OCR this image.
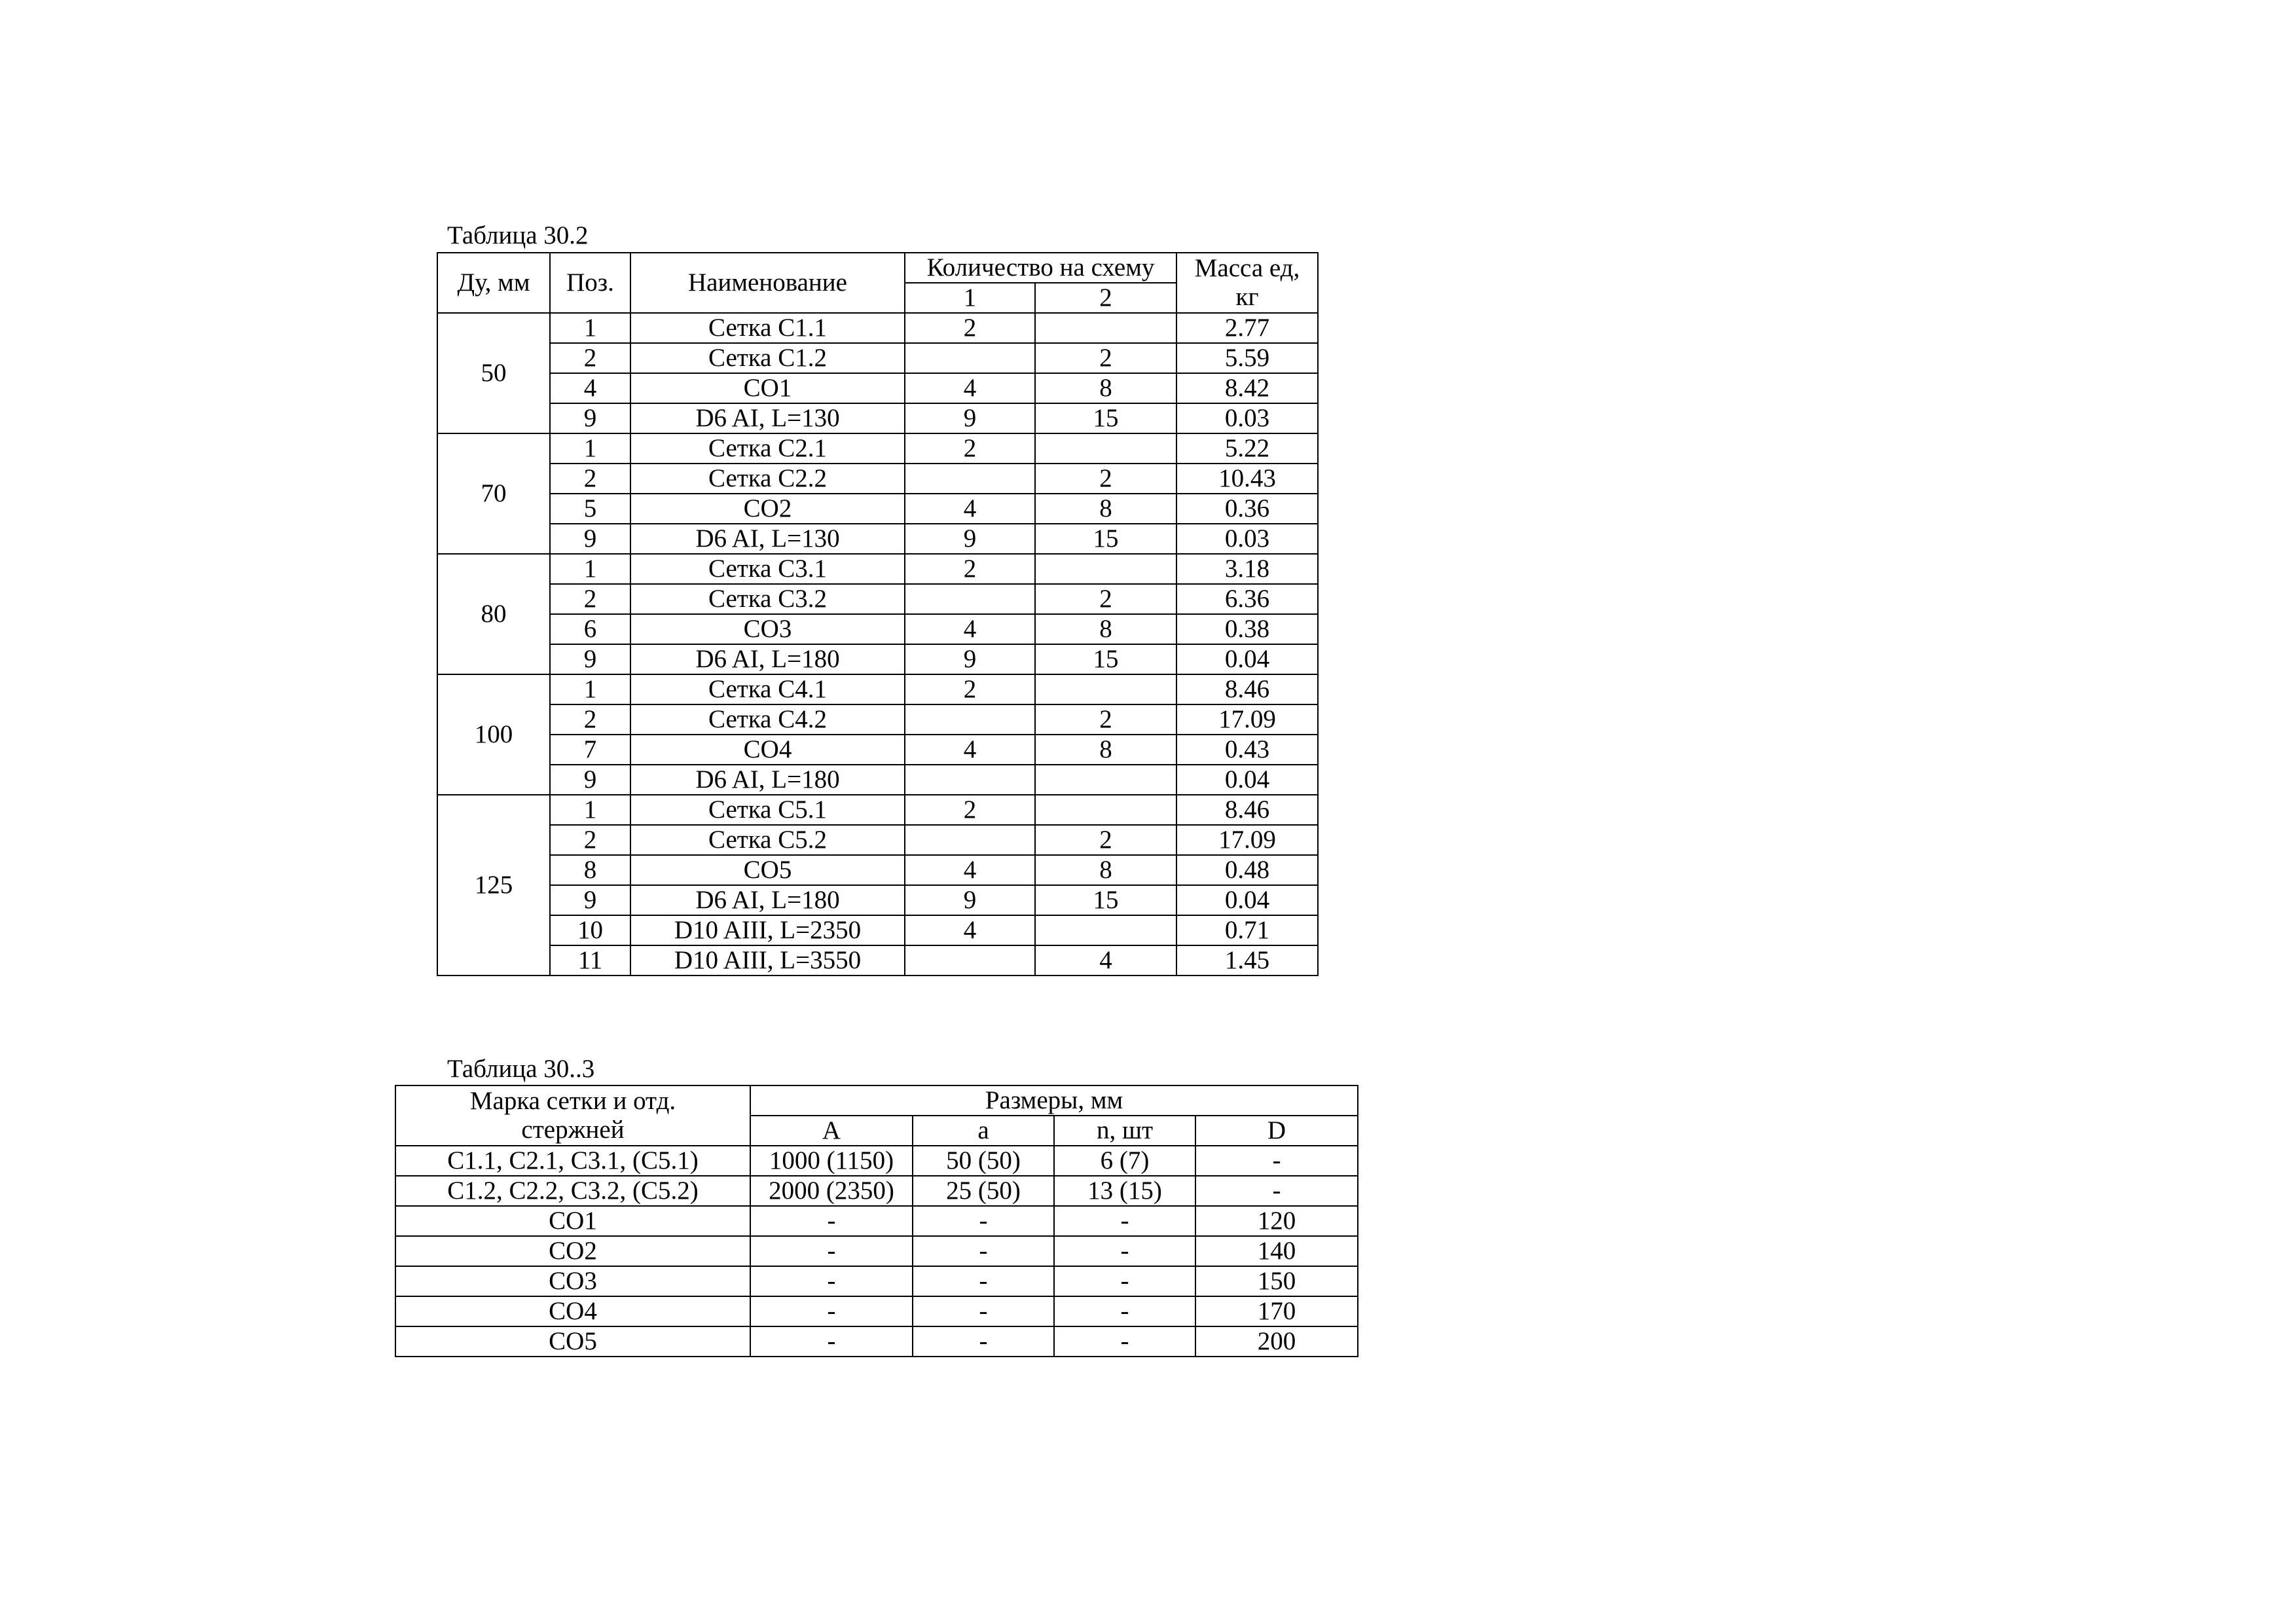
Таблица 30.2
Ду, мм	Поз.	Наименование	Количество на схему		Масса ед,
кг

			1	2	
50	1	Сетка С1.1	2		2.77
	2	Сетка С1.2		2	5.59
	4	СО1	4	8	8.42
	9	D6 AI, L=130	9	15	0.03
70	1	Сетка С2.1	2		5.22
	2	Сетка С2.2		2	10.43
	5	СО2	4	8	0.36
	9	D6 AI, L=130	9	15	0.03
80	1	Сетка С3.1	2		3.18
	2	Сетка С3.2		2	6.36
	6	СО3	4	8	0.38
	9	D6 AI, L=180	9	15	0.04
100	1	Сетка С4.1	2		8.46
	2	Сетка С4.2		2	17.09
	7	СО4	4	8	0.43
	9	D6 AI, L=180			0.04
125	1	Сетка С5.1	2		8.46
	2	Сетка С5.2		2	17.09
	8	СО5	4	8	0.48
	9	D6 AI, L=180	9	15	0.04
	10	D10 AIII, L=2350	4		0.71
	11	D10 AIII, L=3550		4	1.45
Таблица 30..3
Марка сетки и отд.
стержней	Размеры, мм			
	A	a	n, шт	D
С1.1, С2.1, С3.1, (С5.1)	1000 (1150)	50 (50)	6 (7)	-
С1.2, С2.2, С3.2, (С5.2)	2000 (2350)	25 (50)	13 (15)	-
СО1	-	-	-	120
СО2	-	-	-	140
СО3	-	-	-	150
СО4	-	-	-	170
СО5	-	-	-	200
